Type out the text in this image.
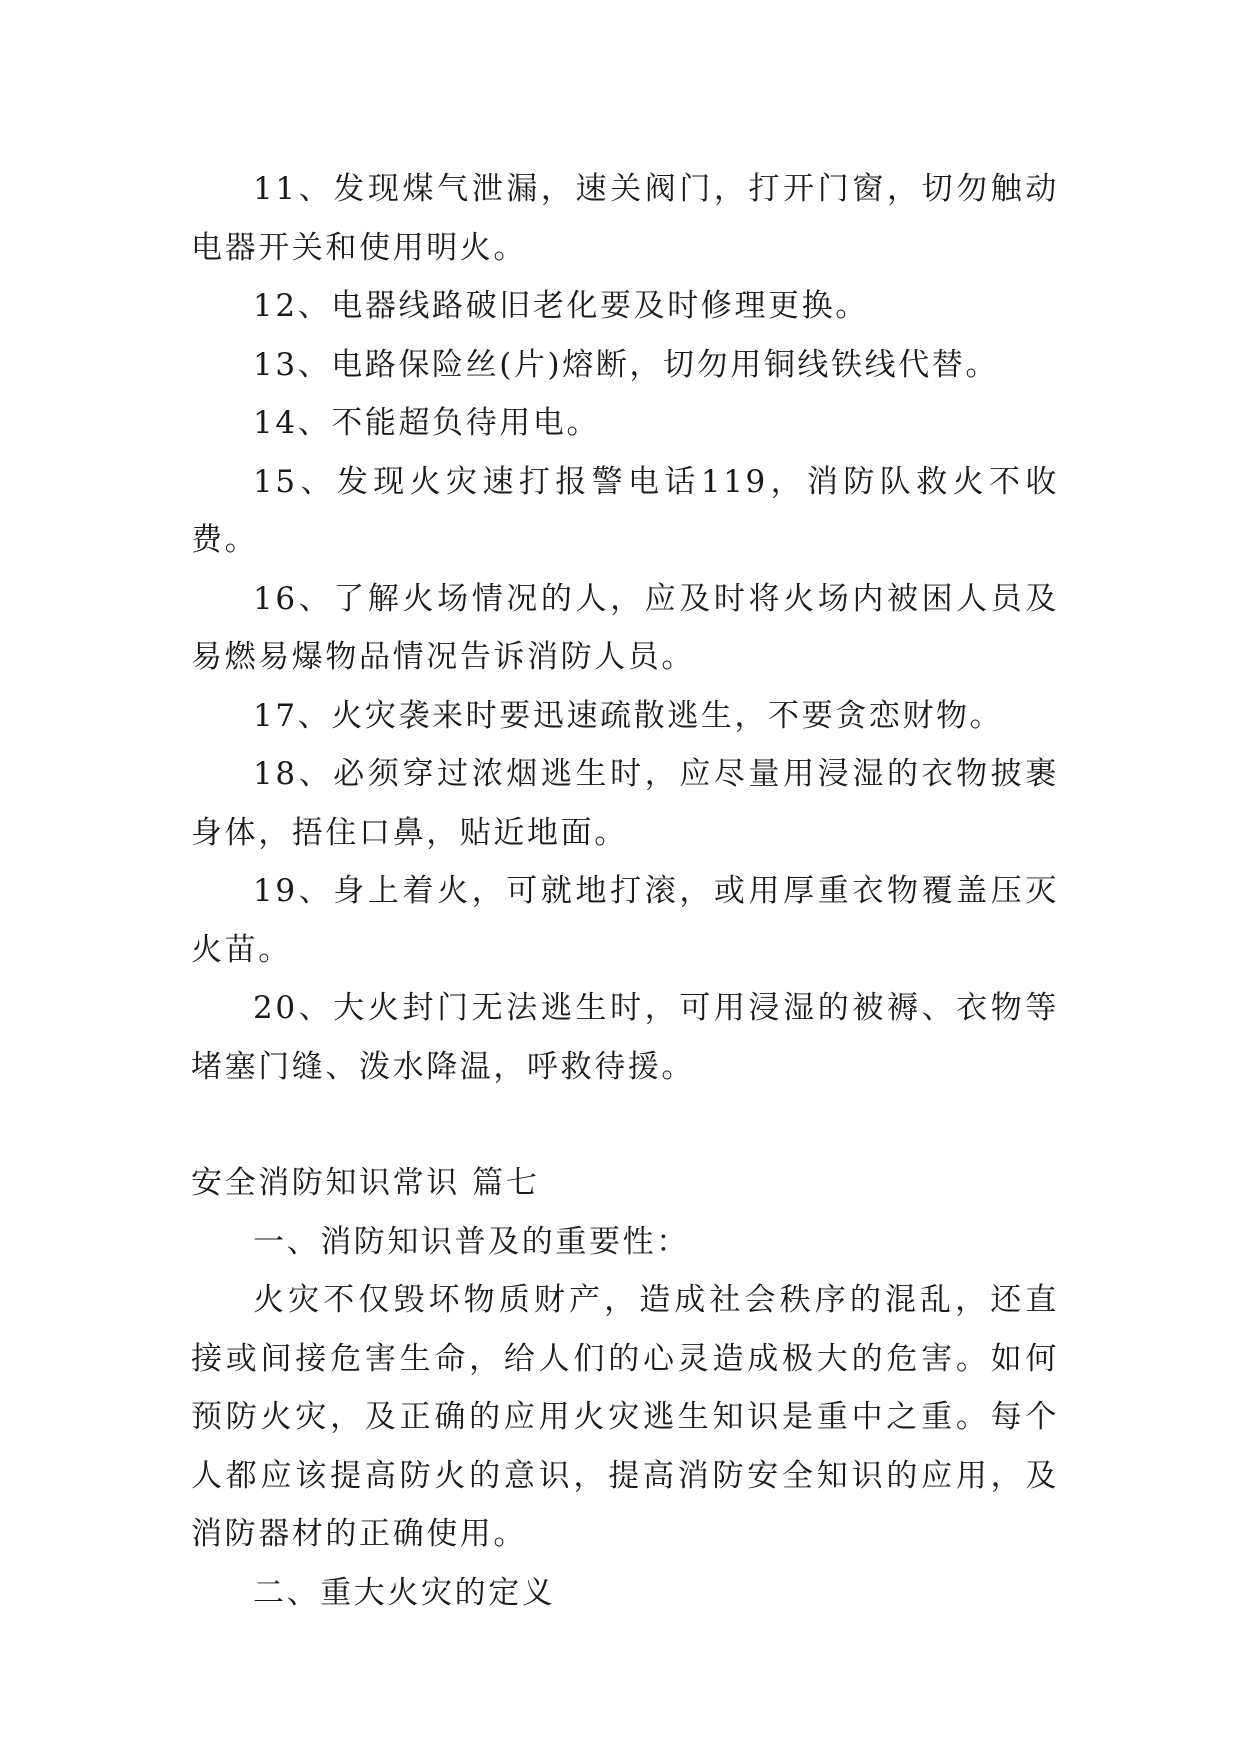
11、发现煤气泄漏，速关阀门，打开门窗，切勿触动电器开关和使用明火。

12、电器线路破旧老化要及时修理更换。

13、电路保险丝(片)熔断，切勿用铜线铁线代替。

14、不能超负待用电。

15、发现火灾速打报警电话119，消防队救火不收费。

16、了解火场情况的人，应及时将火场内被困人员及易燃易爆物品情况告诉消防人员。

17、火灾袭来时要迅速疏散逃生，不要贪恋财物。

18、必须穿过浓烟逃生时，应尽量用浸湿的衣物披裹身体，捂住口鼻，贴近地面。

19、身上着火，可就地打滚，或用厚重衣物覆盖压灭火苗。

20、大火封门无法逃生时，可用浸湿的被褥、衣物等堵塞门缝、泼水降温，呼救待援。

安全消防知识常识 篇七

一、消防知识普及的重要性：

火灾不仅毁坏物质财产，造成社会秩序的混乱，还直接或间接危害生命，给人们的心灵造成极大的危害。如何预防火灾，及正确的应用火灾逃生知识是重中之重。每个人都应该提高防火的意识，提高消防安全知识的应用，及消防器材的正确使用。

二、重大火灾的定义
